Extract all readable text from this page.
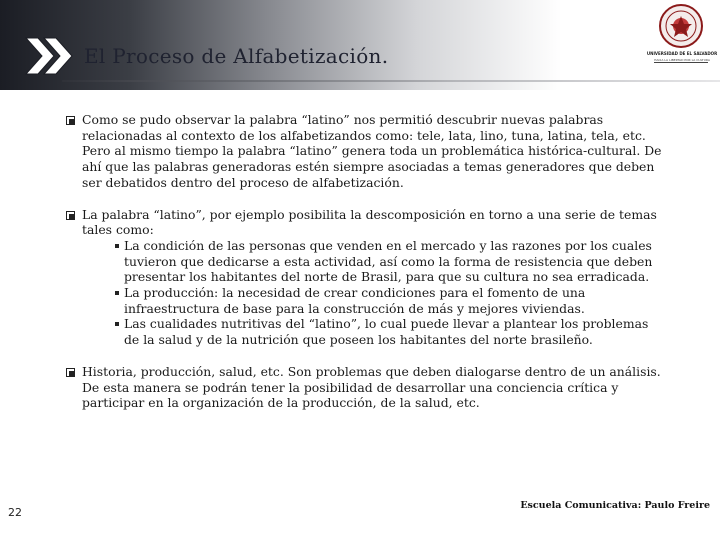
El Proceso de Alfabetización.	UNIVERSIDAD DE EL SALVADOR
HACIA LA LIBERTAD POR LA CULTURA
Como se pudo observar la palabra “latino” nos permitió descubrir nuevas palabras relacionadas al contexto de los alfabetizandos como: tele, lata, lino, tuna, latina, tela, etc. Pero al mismo tiempo la palabra “latino” genera toda un problemática histórica-cultural. De ahí que las palabras generadoras estén siempre asociadas a temas generadores que deben ser debatidos dentro del proceso de alfabetización.
La palabra “latino”, por ejemplo posibilita la descomposición en torno a una serie de temas tales como:
La condición de las personas que venden en el mercado y las razones por los cuales tuvieron que dedicarse a esta actividad, así como la forma de resistencia que deben presentar los habitantes del norte de Brasil, para que su cultura no sea erradicada.
La producción: la necesidad de crear condiciones para el fomento de una infraestructura de base para la construcción de más y mejores viviendas.
Las cualidades nutritivas del “latino”, lo cual puede llevar a plantear los problemas de la salud y de la nutrición que poseen los habitantes del norte brasileño.
Historia, producción, salud, etc. Son problemas que deben dialogarse dentro de un análisis. De esta manera se podrán tener la posibilidad de desarrollar una conciencia crítica y participar en la organización de la producción, de la salud, etc.
22
Escuela Comunicativa: Paulo Freire
